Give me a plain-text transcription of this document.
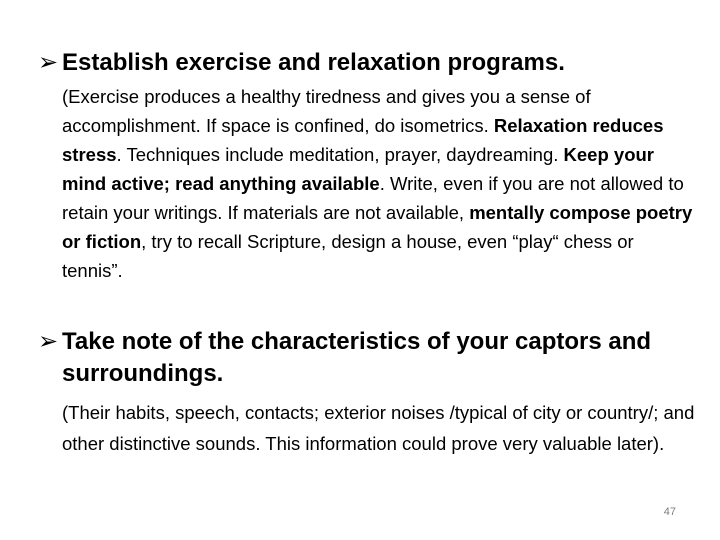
➢ Establish exercise and relaxation programs.

(Exercise produces a healthy tiredness and gives you a sense of accomplishment. If space is confined, do isometrics. Relaxation reduces stress. Techniques include meditation, prayer, daydreaming. Keep your mind active; read anything available. Write, even if you are not allowed to retain your writings. If materials are not available, mentally compose poetry or fiction, try to recall Scripture, design a house, even “play“ chess or tennis”.

➢ Take note of the characteristics of your captors and surroundings.

(Their habits, speech, contacts; exterior noises /typical of city or country/; and other distinctive sounds. This information could prove very valuable later).

47
